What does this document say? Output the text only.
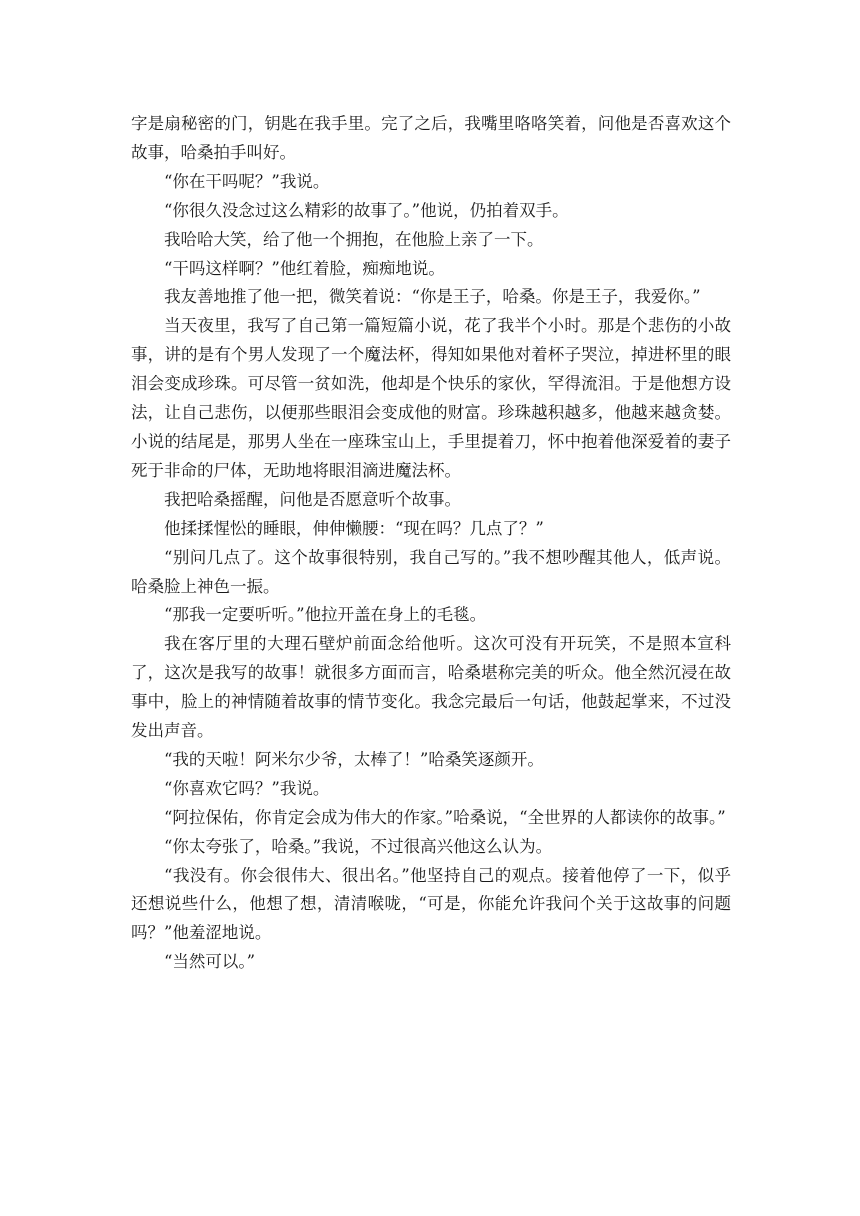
字是扇秘密的门，钥匙在我手里。完了之后，我嘴里咯咯笑着，问他是否喜欢这个故事，哈桑拍手叫好。

“你在干吗呢？”我说。

“你很久没念过这么精彩的故事了。”他说，仍拍着双手。

我哈哈大笑，给了他一个拥抱，在他脸上亲了一下。

“干吗这样啊？”他红着脸，痴痴地说。

我友善地推了他一把，微笑着说：“你是王子，哈桑。你是王子，我爱你。”

当天夜里，我写了自己第一篇短篇小说，花了我半个小时。那是个悲伤的小故事，讲的是有个男人发现了一个魔法杯，得知如果他对着杯子哭泣，掉进杯里的眼泪会变成珍珠。可尽管一贫如洗，他却是个快乐的家伙，罕得流泪。于是他想方设法，让自己悲伤，以便那些眼泪会变成他的财富。珍珠越积越多，他越来越贪婪。小说的结尾是，那男人坐在一座珠宝山上，手里提着刀，怀中抱着他深爱着的妻子死于非命的尸体，无助地将眼泪滴进魔法杯。

我把哈桑摇醒，问他是否愿意听个故事。

他揉揉惺忪的睡眼，伸伸懒腰：“现在吗？几点了？”

“别问几点了。这个故事很特别，我自己写的。”我不想吵醒其他人，低声说。哈桑脸上神色一振。

“那我一定要听听。”他拉开盖在身上的毛毯。

我在客厅里的大理石壁炉前面念给他听。这次可没有开玩笑，不是照本宣科了，这次是我写的故事！就很多方面而言，哈桑堪称完美的听众。他全然沉浸在故事中，脸上的神情随着故事的情节变化。我念完最后一句话，他鼓起掌来，不过没发出声音。

“我的天啦！阿米尔少爷，太棒了！”哈桑笑逐颜开。

“你喜欢它吗？”我说。

“阿拉保佑，你肯定会成为伟大的作家。”哈桑说，“全世界的人都读你的故事。”

“你太夸张了，哈桑。”我说，不过很高兴他这么认为。

“我没有。你会很伟大、很出名。”他坚持自己的观点。接着他停了一下，似乎还想说些什么，他想了想，清清喉咙，“可是，你能允许我问个关于这故事的问题吗？”他羞涩地说。

“当然可以。”
